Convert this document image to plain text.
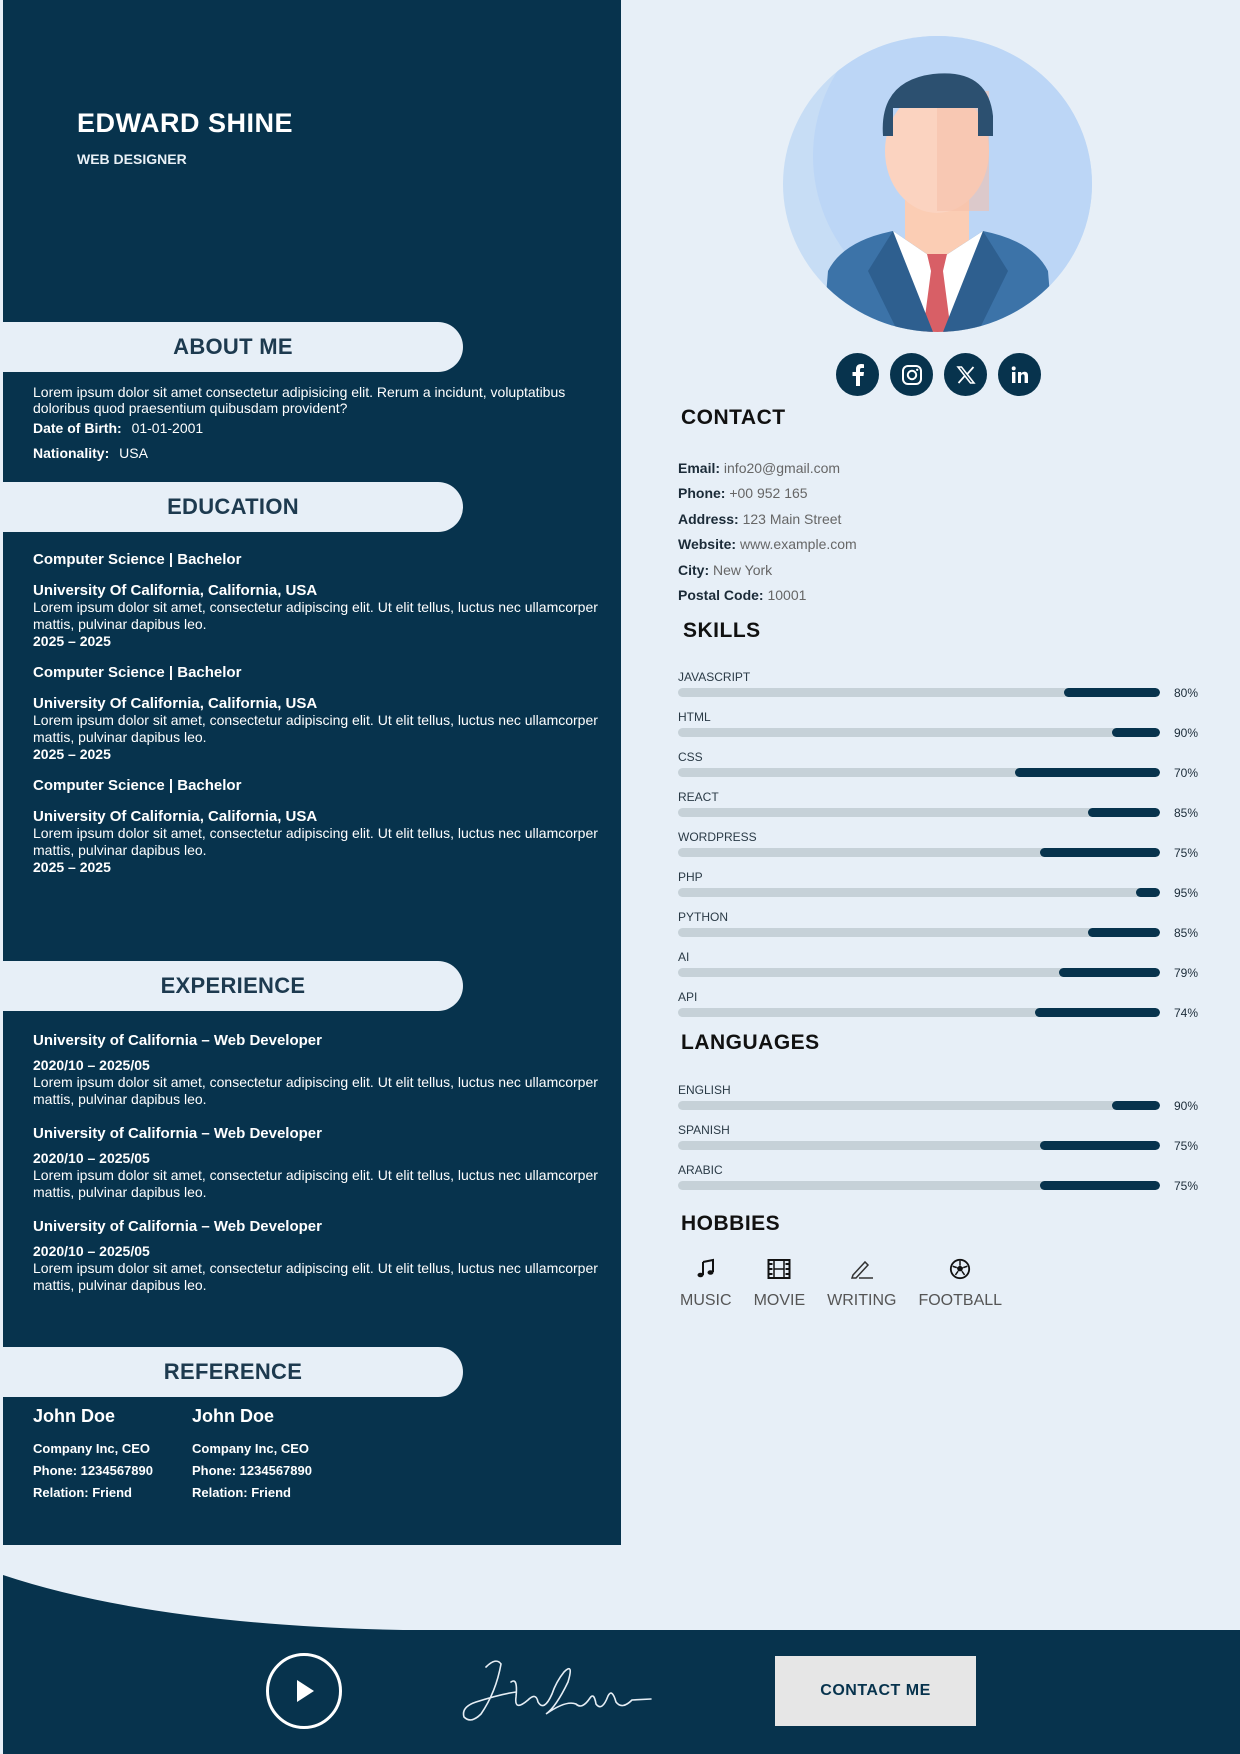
EDWARD SHINE
WEB DESIGNER
ABOUT ME
Lorem ipsum dolor sit amet consectetur adipisicing elit. Rerum a incidunt, voluptatibus doloribus quod praesentium quibusdam provident?
Date of Birth: 01-01-2001
Nationality: USA
EDUCATION
Computer Science | Bachelor
University Of California, California, USA
Lorem ipsum dolor sit amet, consectetur adipiscing elit. Ut elit tellus, luctus nec ullamcorper mattis, pulvinar dapibus leo.
2025 – 2025
Computer Science | Bachelor
University Of California, California, USA
Lorem ipsum dolor sit amet, consectetur adipiscing elit. Ut elit tellus, luctus nec ullamcorper mattis, pulvinar dapibus leo.
2025 – 2025
Computer Science | Bachelor
University Of California, California, USA
Lorem ipsum dolor sit amet, consectetur adipiscing elit. Ut elit tellus, luctus nec ullamcorper mattis, pulvinar dapibus leo.
2025 – 2025
EXPERIENCE
University of California – Web Developer
2020/10 – 2025/05
Lorem ipsum dolor sit amet, consectetur adipiscing elit. Ut elit tellus, luctus nec ullamcorper mattis, pulvinar dapibus leo.
University of California – Web Developer
2020/10 – 2025/05
Lorem ipsum dolor sit amet, consectetur adipiscing elit. Ut elit tellus, luctus nec ullamcorper mattis, pulvinar dapibus leo.
University of California – Web Developer
2020/10 – 2025/05
Lorem ipsum dolor sit amet, consectetur adipiscing elit. Ut elit tellus, luctus nec ullamcorper mattis, pulvinar dapibus leo.
REFERENCE
John Doe
Company Inc, CEO
Phone: 1234567890
Relation: Friend
John Doe
Company Inc, CEO
Phone: 1234567890
Relation: Friend
CONTACT
Email: info20@gmail.com
Phone: +00 952 165
Address: 123 Main Street
Website: www.example.com
City: New York
Postal Code: 10001
SKILLS
JAVASCRIPT
80%
HTML
90%
CSS
70%
REACT
85%
WORDPRESS
75%
PHP
95%
PYTHON
85%
AI
79%
API
74%
LANGUAGES
ENGLISH
90%
SPANISH
75%
ARABIC
75%
HOBBIES
MUSIC MOVIE WRITING FOOTBALL
CONTACT ME
